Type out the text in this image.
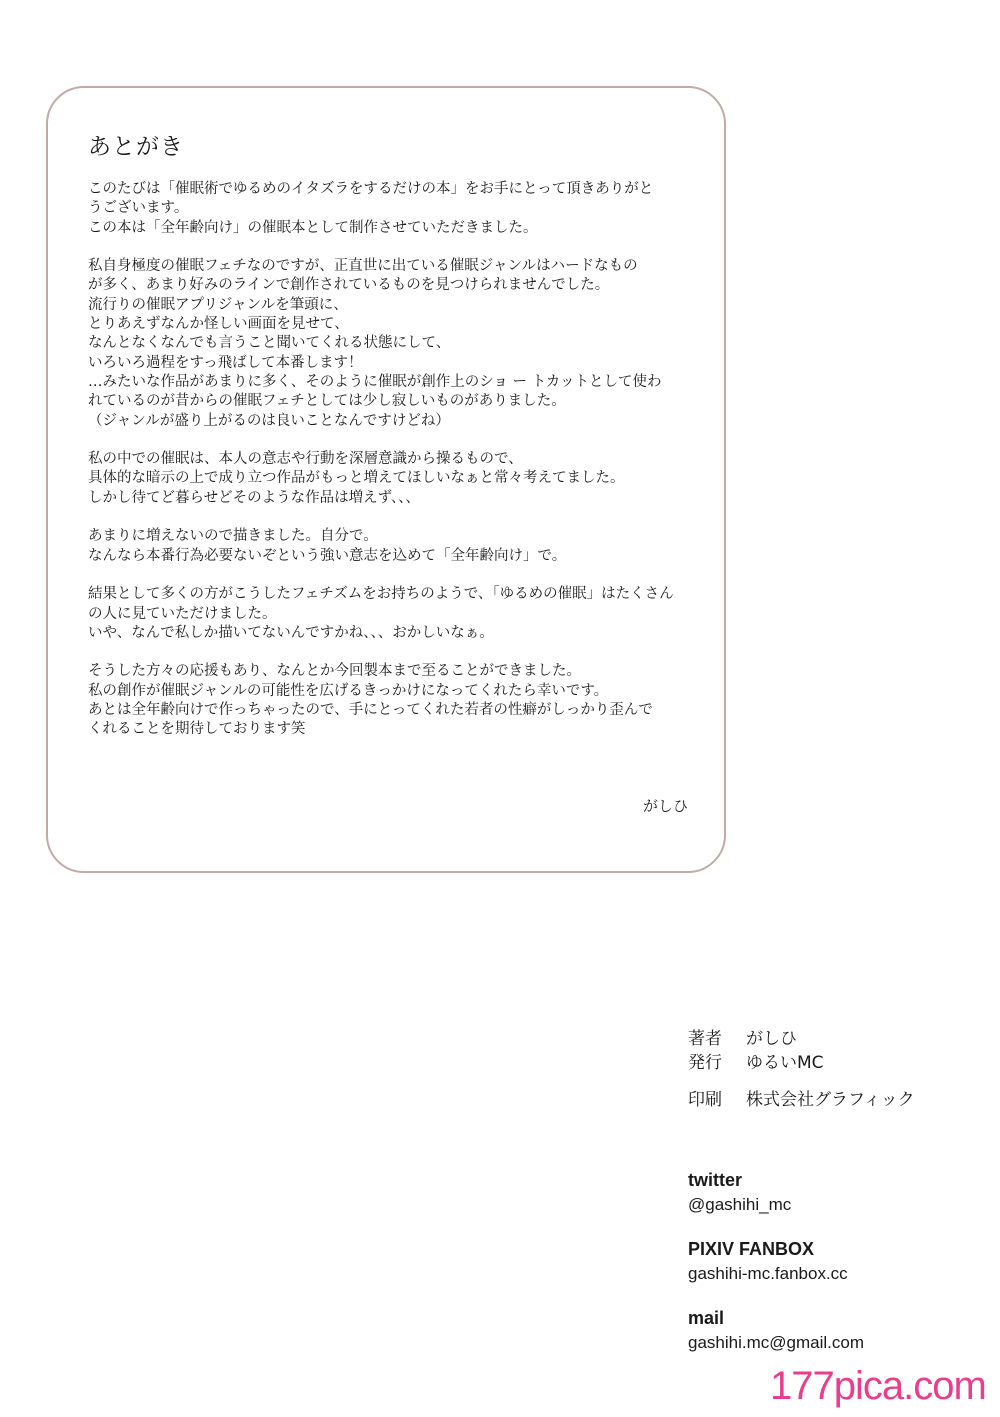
あとがき

このたびは「催眠術でゆるめのイタズラをするだけの本」をお手にとって頂きありがと
うございます。
この本は「全年齢向け」の催眠本として制作させていただきました。

私自身極度の催眠フェチなのですが、正直世に出ている催眠ジャンルはハードなもの
が多く、あまり好みのラインで創作されているものを見つけられませんでした。
流行りの催眠アプリジャンルを筆頭に、
とりあえずなんか怪しい画面を見せて、
なんとなくなんでも言うこと聞いてくれる状態にして、
いろいろ過程をすっ飛ばして本番します！
…みたいな作品があまりに多く、そのように催眠が創作上のショ ー トカットとして使わ
れているのが昔からの催眠フェチとしては少し寂しいものがありました。
（ジャンルが盛り上がるのは良いことなんですけどね）

私の中での催眠は、本人の意志や行動を深層意識から操るもので、
具体的な暗示の上で成り立つ作品がもっと増えてほしいなぁと常々考えてました。
しかし待てど暮らせどそのような作品は増えず、、、

あまりに増えないので描きました。自分で。
なんなら本番行為必要ないぞという強い意志を込めて「全年齢向け」で。

結果として多くの方がこうしたフェチズムをお持ちのようで、「ゆるめの催眠」はたくさん
の人に見ていただけました。
いや、なんで私しか描いてないんですかね、、、おかしいなぁ。

そうした方々の応援もあり、なんとか今回製本まで至ることができました。
私の創作が催眠ジャンルの可能性を広げるきっかけになってくれたら幸いです。
あとは全年齢向けで作っちゃったので、手にとってくれた若者の性癖がしっかり歪んで
くれることを期待しております笑

がしひ
著者	がしひ
発行	ゆるいMC
印刷	株式会社グラフィック
twitter
@gashihi_mc
PIXIV FANBOX
gashihi-mc.fanbox.cc
mail
gashihi.mc@gmail.com
177pica.com
